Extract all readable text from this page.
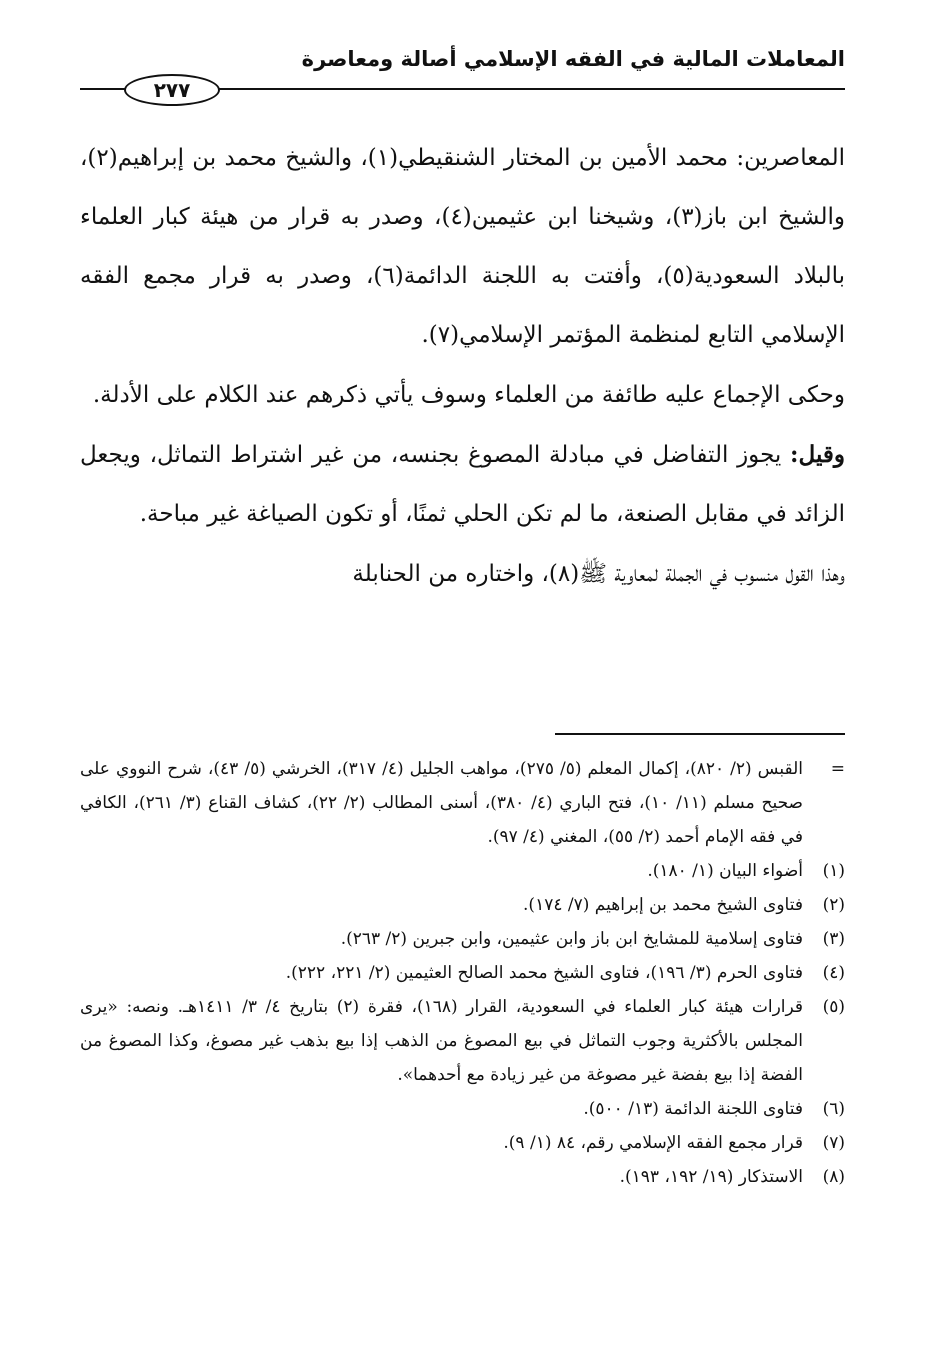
المعاملات المالية في الفقه الإسلامي أصالة ومعاصرة
٢٧٧

المعاصرين: محمد الأمين بن المختار الشنقيطي(١)، والشيخ محمد بن إبراهيم(٢)، والشيخ ابن باز(٣)، وشيخنا ابن عثيمين(٤)، وصدر به قرار من هيئة كبار العلماء بالبلاد السعودية(٥)، وأفتت به اللجنة الدائمة(٦)، وصدر به قرار مجمع الفقه الإسلامي التابع لمنظمة المؤتمر الإسلامي(٧).

وحكى الإجماع عليه طائفة من العلماء وسوف يأتي ذكرهم عند الكلام على الأدلة.

وقيل: يجوز التفاضل في مبادلة المصوغ بجنسه، من غير اشتراط التماثل، ويجعل الزائد في مقابل الصنعة، ما لم تكن الحلي ثمنًا، أو تكون الصياغة غير مباحة.

وهذا القول منسوب في الجملة لمعاوية ﷺ(٨)، واختاره من الحنابلة

=
القبس (٢/ ٨٢٠)، إكمال المعلم (٥/ ٢٧٥)، مواهب الجليل (٤/ ٣١٧)، الخرشي (٥/ ٤٣)، شرح النووي على صحيح مسلم (١١/ ١٠)، فتح الباري (٤/ ٣٨٠)، أسنى المطالب (٢/ ٢٢)، كشاف القناع (٣/ ٢٦١)، الكافي في فقه الإمام أحمد (٢/ ٥٥)، المغني (٤/ ٩٧).
(١)
أضواء البيان (١/ ١٨٠).
(٢)
فتاوى الشيخ محمد بن إبراهيم (٧/ ١٧٤).
(٣)
فتاوى إسلامية للمشايخ ابن باز وابن عثيمين، وابن جبرين (٢/ ٢٦٣).
(٤)
فتاوى الحرم (٣/ ١٩٦)، فتاوى الشيخ محمد الصالح العثيمين (٢/ ٢٢١، ٢٢٢).
(٥)
قرارات هيئة كبار العلماء في السعودية، القرار (١٦٨)، فقرة (٢) بتاريخ ٤/ ٣/ ١٤١١هـ. ونصه: «يرى المجلس بالأكثرية وجوب التماثل في بيع المصوغ من الذهب إذا بيع بذهب غير مصوغ، وكذا المصوغ من الفضة إذا بيع بفضة غير مصوغة من غير زيادة مع أحدهما».
(٦)
فتاوى اللجنة الدائمة (١٣/ ٥٠٠).
(٧)
قرار مجمع الفقه الإسلامي رقم، ٨٤ (١/ ٩).
(٨)
الاستذكار (١٩/ ١٩٢، ١٩٣).
